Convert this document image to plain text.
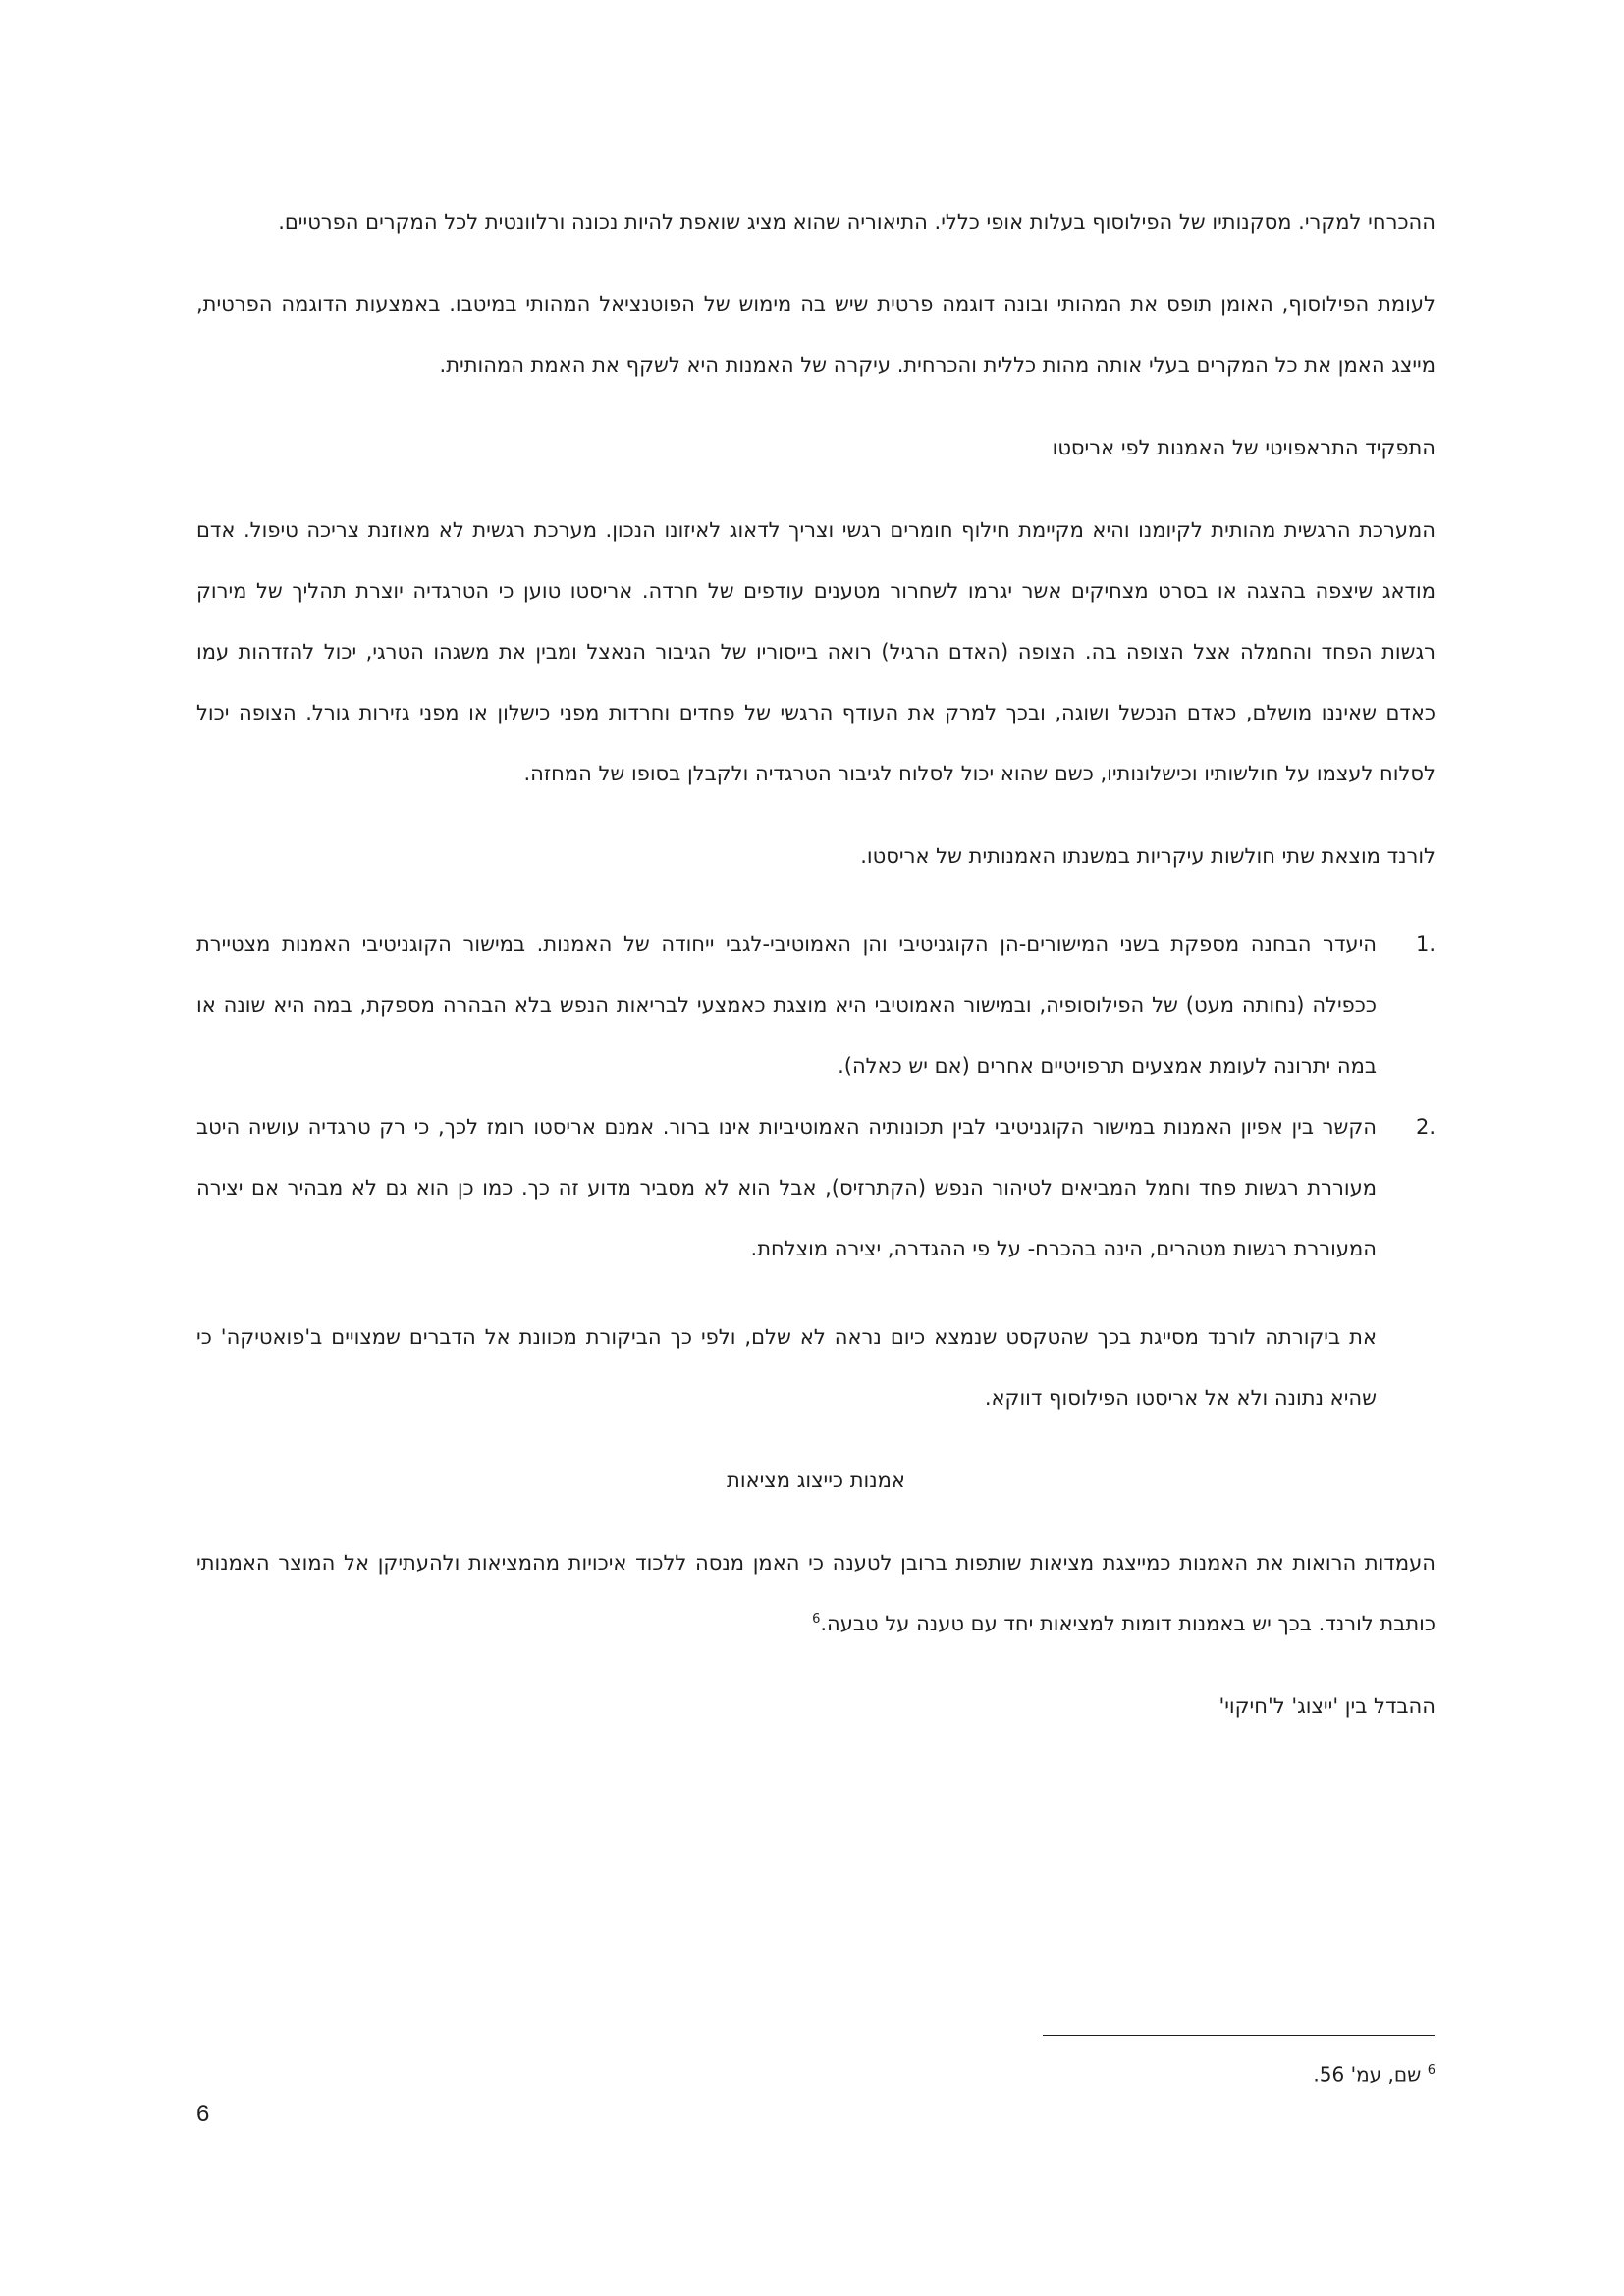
ההכרחי למקרי. מסקנותיו של הפילוסוף בעלות אופי כללי. התיאוריה שהוא מציג שואפת להיות נכונה ורלוונטית לכל המקרים הפרטיים.

לעומת הפילוסוף, האומן תופס את המהותי ובונה דוגמה פרטית שיש בה מימוש של הפוטנציאל המהותי במיטבו. באמצעות הדוגמה הפרטית, מייצג האמן את כל המקרים בעלי אותה מהות כללית והכרחית. עיקרה של האמנות היא לשקף את האמת המהותית.

התפקיד התראפויטי של האמנות לפי אריסטו

המערכת הרגשית מהותית לקיומנו והיא מקיימת חילוף חומרים רגשי וצריך לדאוג לאיזונו הנכון. מערכת רגשית לא מאוזנת צריכה טיפול. אדם מודאג שיצפה בהצגה או בסרט מצחיקים אשר יגרמו לשחרור מטענים עודפים של חרדה. אריסטו טוען כי הטרגדיה יוצרת תהליך של מירוק רגשות הפחד והחמלה אצל הצופה בה. הצופה (האדם הרגיל) רואה בייסוריו של הגיבור הנאצל ומבין את משגהו הטרגי, יכול להזדהות עמו כאדם שאיננו מושלם, כאדם הנכשל ושוגה, ובכך למרק את העודף הרגשי של פחדים וחרדות מפני כישלון או מפני גזירות גורל. הצופה יכול לסלוח לעצמו על חולשותיו וכישלונותיו, כשם שהוא יכול לסלוח לגיבור הטרגדיה ולקבלן בסופו של המחזה.

לורנד מוצאת שתי חולשות עיקריות במשנתו האמנותית של אריסטו.

1.
היעדר הבחנה מספקת בשני המישורים-הן הקוגניטיבי והן האמוטיבי-לגבי ייחודה של האמנות. במישור הקוגניטיבי האמנות מצטיירת ככפילה (נחותה מעט) של הפילוסופיה, ובמישור האמוטיבי היא מוצגת כאמצעי לבריאות הנפש בלא הבהרה מספקת, במה היא שונה או במה יתרונה לעומת אמצעים תרפויטיים אחרים (אם יש כאלה).
2.
הקשר בין אפיון האמנות במישור הקוגניטיבי לבין תכונותיה האמוטיביות אינו ברור. אמנם אריסטו רומז לכך, כי רק טרגדיה עושיה היטב מעוררת רגשות פחד וחמל המביאים לטיהור הנפש (הקתרזיס), אבל הוא לא מסביר מדוע זה כך. כמו כן הוא גם לא מבהיר אם יצירה המעוררת רגשות מטהרים, הינה בהכרח- על פי ההגדרה, יצירה מוצלחת.

את ביקורתה לורנד מסייגת בכך שהטקסט שנמצא כיום נראה לא שלם, ולפי כך הביקורת מכוונת אל הדברים שמצויים ב'פואטיקה' כי שהיא נתונה ולא אל אריסטו הפילוסוף דווקא.

אמנות כייצוג מציאות

העמדות הרואות את האמנות כמייצגת מציאות שותפות ברובן לטענה כי האמן מנסה ללכוד איכויות מהמציאות ולהעתיקן אל המוצר האמנותי כותבת לורנד. בכך יש באמנות דומות למציאות יחד עם טענה על טבעה.$^6$

ההבדל בין 'ייצוג' ל'חיקוי'

$^6$ שם, עמ' 56.
6
